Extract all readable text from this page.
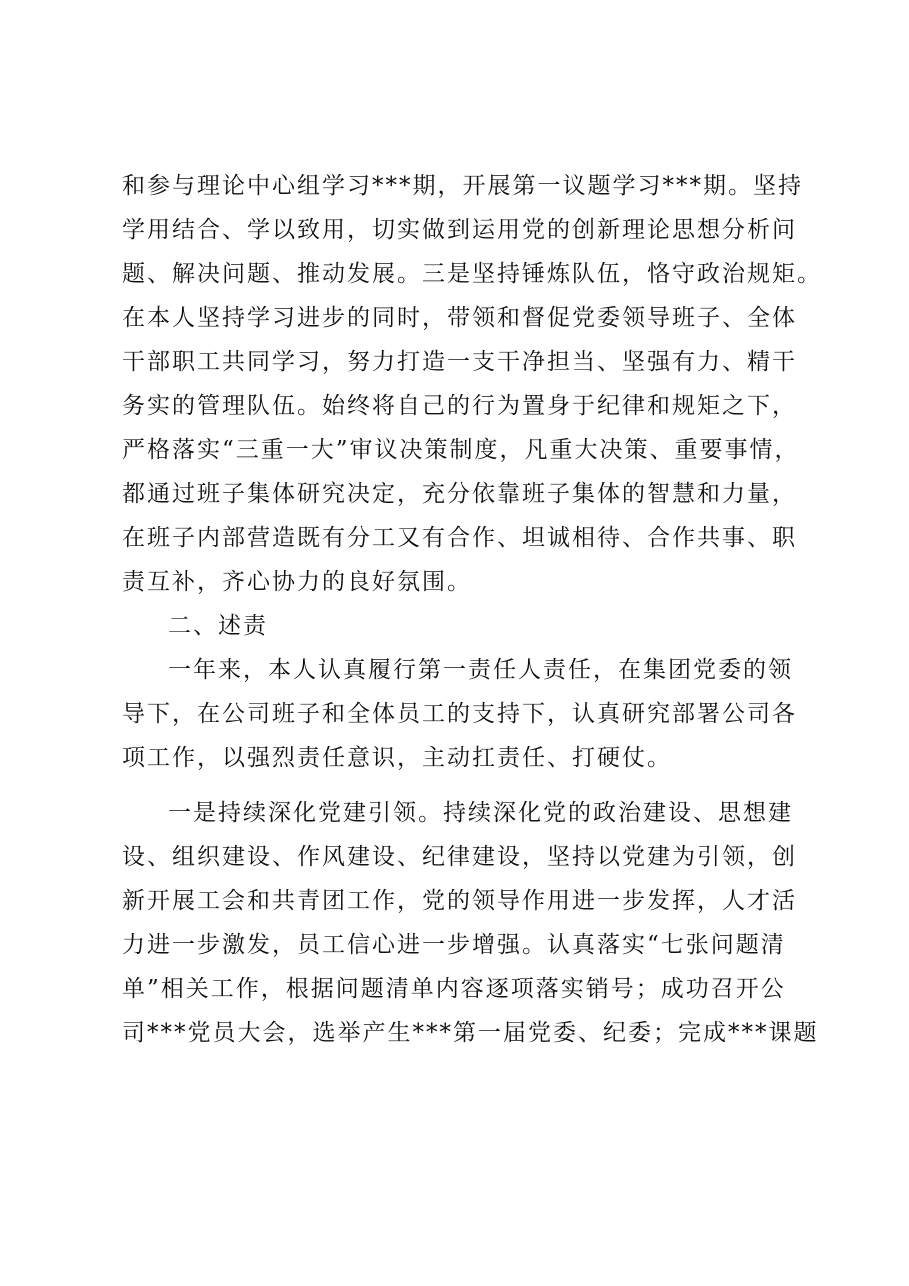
和参与理论中心组学习***期，开展第一议题学习***期。坚持
学用结合、学以致用，切实做到运用党的创新理论思想分析问
题、解决问题、推动发展。三是坚持锤炼队伍，恪守政治规矩。
在本人坚持学习进步的同时，带领和督促党委领导班子、全体
干部职工共同学习，努力打造一支干净担当、坚强有力、精干
务实的管理队伍。始终将自己的行为置身于纪律和规矩之下，
严格落实“三重一大”审议决策制度，凡重大决策、重要事情，
都通过班子集体研究决定，充分依靠班子集体的智慧和力量，
在班子内部营造既有分工又有合作、坦诚相待、合作共事、职
责互补，齐心协力的良好氛围。
二、述责
一年来，本人认真履行第一责任人责任，在集团党委的领
导下，在公司班子和全体员工的支持下，认真研究部署公司各
项工作，以强烈责任意识，主动扛责任、打硬仗。
一是持续深化党建引领。持续深化党的政治建设、思想建
设、组织建设、作风建设、纪律建设，坚持以党建为引领，创
新开展工会和共青团工作，党的领导作用进一步发挥，人才活
力进一步激发，员工信心进一步增强。认真落实“七张问题清
单”相关工作，根据问题清单内容逐项落实销号；成功召开公
司***党员大会，选举产生***第一届党委、纪委；完成***课题
